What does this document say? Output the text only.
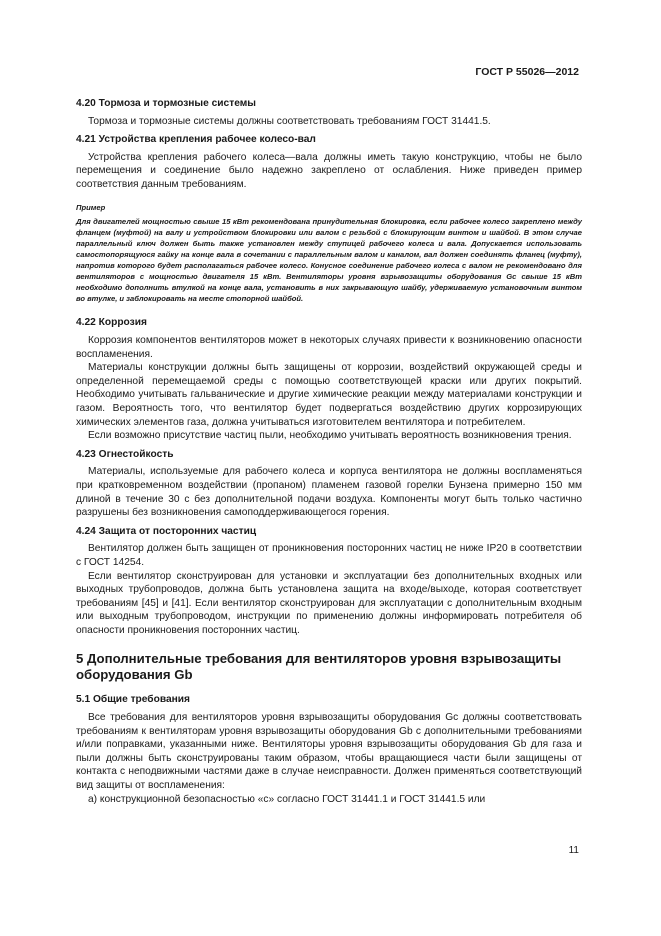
ГОСТ Р 55026—2012
4.20 Тормоза и тормозные системы

Тормоза и тормозные системы должны соответствовать требованиям ГОСТ 31441.5.

4.21 Устройства крепления рабочее колесо-вал

Устройства крепления рабочего колеса—вала должны иметь такую конструкцию, чтобы не было перемещения и соединение было надежно закреплено от ослабления. Ниже приведен пример соответствия данным требованиям.

Пример

Для двигателей мощностью свыше 15 кВт рекомендована принудительная блокировка, если рабочее колесо закреплено между фланцем (муфтой) на валу и устройством блокировки или валом с резьбой с блокирующим винтом и шайбой. В этом случае параллельный ключ должен быть также установлен между ступицей рабочего колеса и вала. Допускается использовать самостопорящуюся гайку на конце вала в сочетании с параллельным валом и каналом, вал должен соединять фланец (муфту), напротив которого будет располагаться рабочее колесо. Конусное соединение рабочего колеса с валом не рекомендовано для вентиляторов с мощностью двигателя 15 кВт. Вентиляторы уровня взрывозащиты оборудования Gc свыше 15 кВт необходимо дополнить втулкой на конце вала, установить в них закрывающую шайбу, удерживаемую установочным винтом во втулке, и заблокировать на месте стопорной шайбой.

4.22 Коррозия

Коррозия компонентов вентиляторов может в некоторых случаях привести к возникновению опасности воспламенения.

Материалы конструкции должны быть защищены от коррозии, воздействий окружающей среды и определенной перемещаемой среды с помощью соответствующей краски или других покрытий. Необходимо учитывать гальванические и другие химические реакции между материалами конструкции и газом. Вероятность того, что вентилятор будет подвергаться воздействию других коррозирующих химических элементов газа, должна учитываться изготовителем вентилятора и потребителем.

Если возможно присутствие частиц пыли, необходимо учитывать вероятность возникновения трения.

4.23 Огнестойкость

Материалы, используемые для рабочего колеса и корпуса вентилятора не должны воспламеняться при кратковременном воздействии (пропаном) пламенем газовой горелки Бунзена примерно 150 мм длиной в течение 30 с без дополнительной подачи воздуха. Компоненты могут быть только частично разрушены без возникновения самоподдерживающегося горения.

4.24 Защита от посторонних частиц

Вентилятор должен быть защищен от проникновения посторонних частиц не ниже IP20 в соответствии с ГОСТ 14254.

Если вентилятор сконструирован для установки и эксплуатации без дополнительных входных или выходных трубопроводов, должна быть установлена защита на входе/выходе, которая соответствует требованиям [45] и [41]. Если вентилятор сконструирован для эксплуатации с дополнительным входным или выходным трубопроводом, инструкции по применению должны информировать потребителя об опасности проникновения посторонних частиц.

5 Дополнительные требования для вентиляторов уровня взрывозащиты оборудования Gb
5.1 Общие требования

Все требования для вентиляторов уровня взрывозащиты оборудования Gc должны соответствовать требованиям к вентиляторам уровня взрывозащиты оборудования Gb с дополнительными требованиями и/или поправками, указанными ниже. Вентиляторы уровня взрывозащиты оборудования Gb для газа и пыли должны быть сконструированы таким образом, чтобы вращающиеся части были защищены от контакта с неподвижными частями даже в случае неисправности. Должен применяться соответствующий вид защиты от воспламенения:

а) конструкционной безопасностью «с» согласно ГОСТ 31441.1 и ГОСТ 31441.5 или

11
